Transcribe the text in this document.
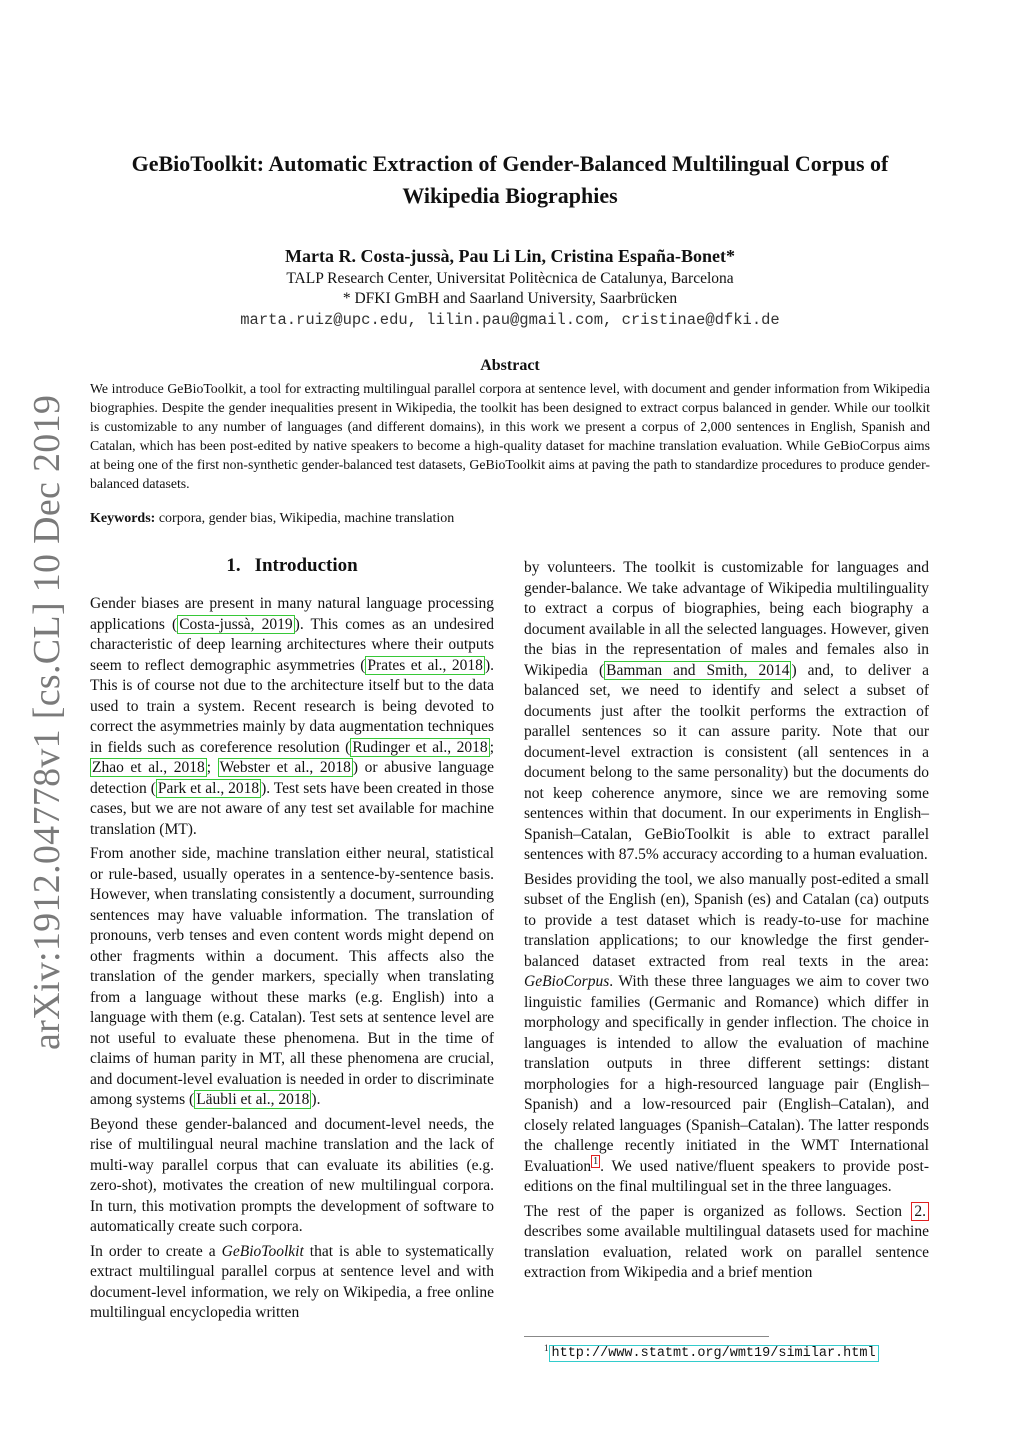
arXiv:1912.04778v1 [cs.CL] 10 Dec 2019
GeBioToolkit: Automatic Extraction of Gender-Balanced Multilingual Corpus of Wikipedia Biographies
Marta R. Costa-jussà, Pau Li Lin, Cristina España-Bonet*
TALP Research Center, Universitat Politècnica de Catalunya, Barcelona
* DFKI GmBH and Saarland University, Saarbrücken
marta.ruiz@upc.edu, lilin.pau@gmail.com, cristinae@dfki.de
Abstract

We introduce GeBioToolkit, a tool for extracting multilingual parallel corpora at sentence level, with document and gender information from Wikipedia biographies. Despite the gender inequalities present in Wikipedia, the toolkit has been designed to extract corpus balanced in gender. While our toolkit is customizable to any number of languages (and different domains), in this work we present a corpus of 2,000 sentences in English, Spanish and Catalan, which has been post-edited by native speakers to become a high-quality dataset for machine translation evaluation. While GeBioCorpus aims at being one of the first non-synthetic gender-balanced test datasets, GeBioToolkit aims at paving the path to standardize procedures to produce gender-balanced datasets.

Keywords: corpora, gender bias, Wikipedia, machine translation
1. Introduction

Gender biases are present in many natural language processing applications ( Costa-jussà, 2019 ). This comes as an undesired characteristic of deep learning architectures where their outputs seem to reflect demographic asymmetries ( Prates et al., 2018 ). This is of course not due to the architecture itself but to the data used to train a system. Recent research is being devoted to correct the asymmetries mainly by data augmentation techniques in fields such as coreference resolution ( Rudinger et al., 2018 ; Zhao et al., 2018 ; Webster et al., 2018 ) or abusive language detection ( Park et al., 2018 ). Test sets have been created in those cases, but we are not aware of any test set available for machine translation (MT).

From another side, machine translation either neural, statistical or rule-based, usually operates in a sentence-by-sentence basis. However, when translating consistently a document, surrounding sentences may have valuable information. The translation of pronouns, verb tenses and even content words might depend on other fragments within a document. This affects also the translation of the gender markers, specially when translating from a language without these marks (e.g. English) into a language with them (e.g. Catalan). Test sets at sentence level are not useful to evaluate these phenomena. But in the time of claims of human parity in MT, all these phenomena are crucial, and document-level evaluation is needed in order to discriminate among systems ( Läubli et al., 2018 ).

Beyond these gender-balanced and document-level needs, the rise of multilingual neural machine translation and the lack of multi-way parallel corpus that can evaluate its abilities (e.g. zero-shot), motivates the creation of new multilingual corpora. In turn, this motivation prompts the development of software to automatically create such corpora.

In order to create a GeBioToolkit that is able to systematically extract multilingual parallel corpus at sentence level and with document-level information, we rely on Wikipedia, a free online multilingual encyclopedia written

by volunteers. The toolkit is customizable for languages and gender-balance. We take advantage of Wikipedia multilinguality to extract a corpus of biographies, being each biography a document available in all the selected languages. However, given the bias in the representation of males and females also in Wikipedia ( Bamman and Smith, 2014 ) and, to deliver a balanced set, we need to identify and select a subset of documents just after the toolkit performs the extraction of parallel sentences so it can assure parity. Note that our document-level extraction is consistent (all sentences in a document belong to the same personality) but the documents do not keep coherence anymore, since we are removing some sentences within that document. In our experiments in English–Spanish–Catalan, GeBioToolkit is able to extract parallel sentences with 87.5% accuracy according to a human evaluation.

Besides providing the tool, we also manually post-edited a small subset of the English (en), Spanish (es) and Catalan (ca) outputs to provide a test dataset which is ready-to-use for machine translation applications; to our knowledge the first gender-balanced dataset extracted from real texts in the area: GeBioCorpus. With these three languages we aim to cover two linguistic families (Germanic and Romance) which differ in morphology and specifically in gender inflection. The choice in languages is intended to allow the evaluation of machine translation outputs in three different settings: distant morphologies for a high-resourced language pair (English–Spanish) and a low-resourced pair (English–Catalan), and closely related languages (Spanish–Catalan). The latter responds the challenge recently initiated in the WMT International Evaluation $^1$ . We used native/fluent speakers to provide post-editions on the final multilingual set in the three languages.

The rest of the paper is organized as follows. Section 2. describes some available multilingual datasets used for machine translation evaluation, related work on parallel sentence extraction from Wikipedia and a brief mention

$^1$ http://www.statmt.org/wmt19/similar.html
